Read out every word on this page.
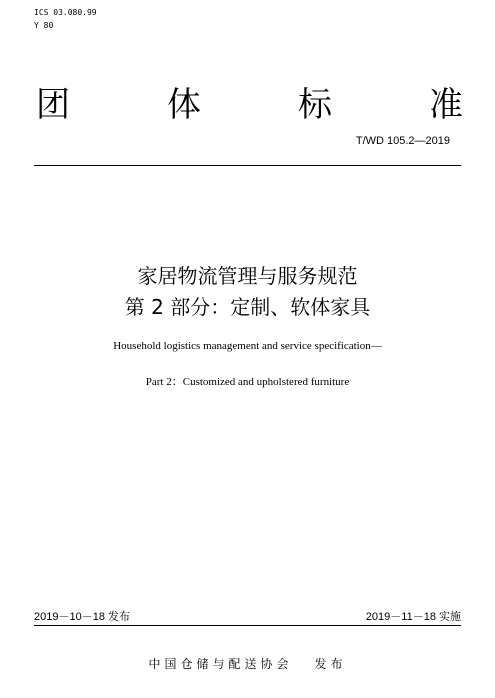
ICS 03.080.99
Y 80
团	体	标	准
T/WD 105.2—2019
家居物流管理与服务规范
第 2 部分：定制、软体家具
Household logistics management and service specification—
Part 2：Customized and upholstered furniture
2019－10－18 发布	2019－11－18 实施
中国仓储与配送协会 发布
